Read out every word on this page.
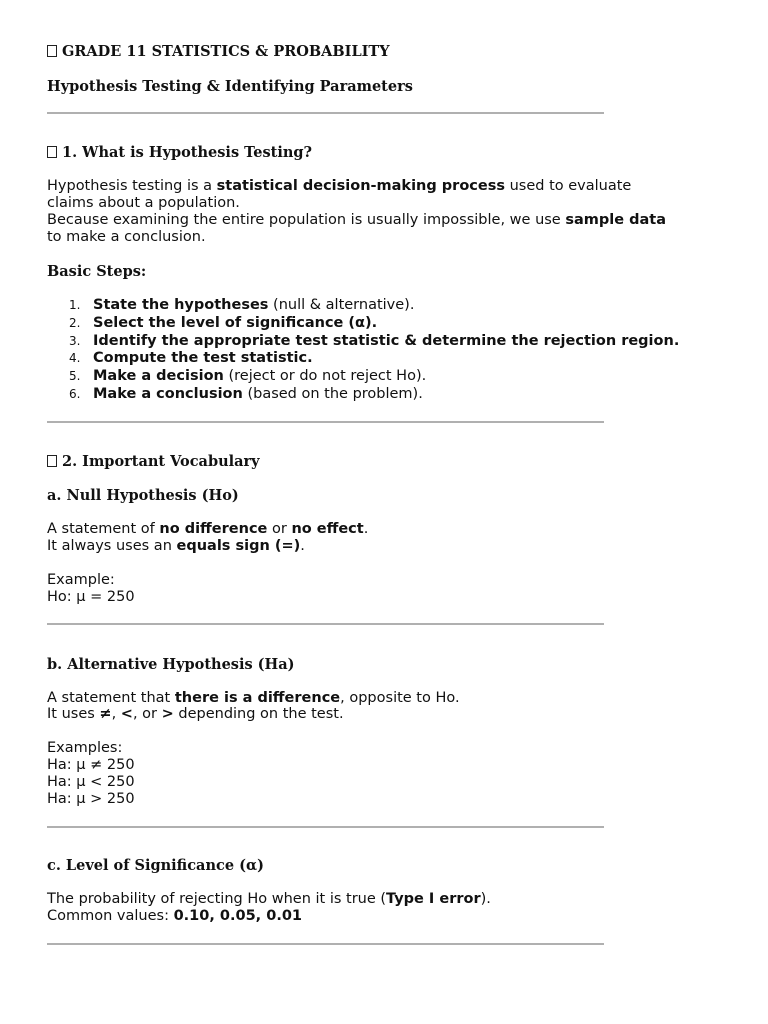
GRADE 11 STATISTICS & PROBABILITY
Hypothesis Testing & Identifying Parameters
1. What is Hypothesis Testing?
Hypothesis testing is a statistical decision-making process used to evaluate
claims about a population.
Because examining the entire population is usually impossible, we use sample data
to make a conclusion.
Basic Steps:
1. State the hypotheses (null & alternative).
2. Select the level of significance (α).
3. Identify the appropriate test statistic & determine the rejection region.
4. Compute the test statistic.
5. Make a decision (reject or do not reject Ho).
6. Make a conclusion (based on the problem).
2. Important Vocabulary
a. Null Hypothesis (Ho)
A statement of no difference or no effect.
It always uses an equals sign (=).
Example:
Ho: μ = 250
b. Alternative Hypothesis (Ha)
A statement that there is a difference, opposite to Ho.
It uses ≠, <, or > depending on the test.
Examples:
Ha: μ ≠ 250
Ha: μ < 250
Ha: μ > 250
c. Level of Significance (α)
The probability of rejecting Ho when it is true (Type I error).
Common values: 0.10, 0.05, 0.01
